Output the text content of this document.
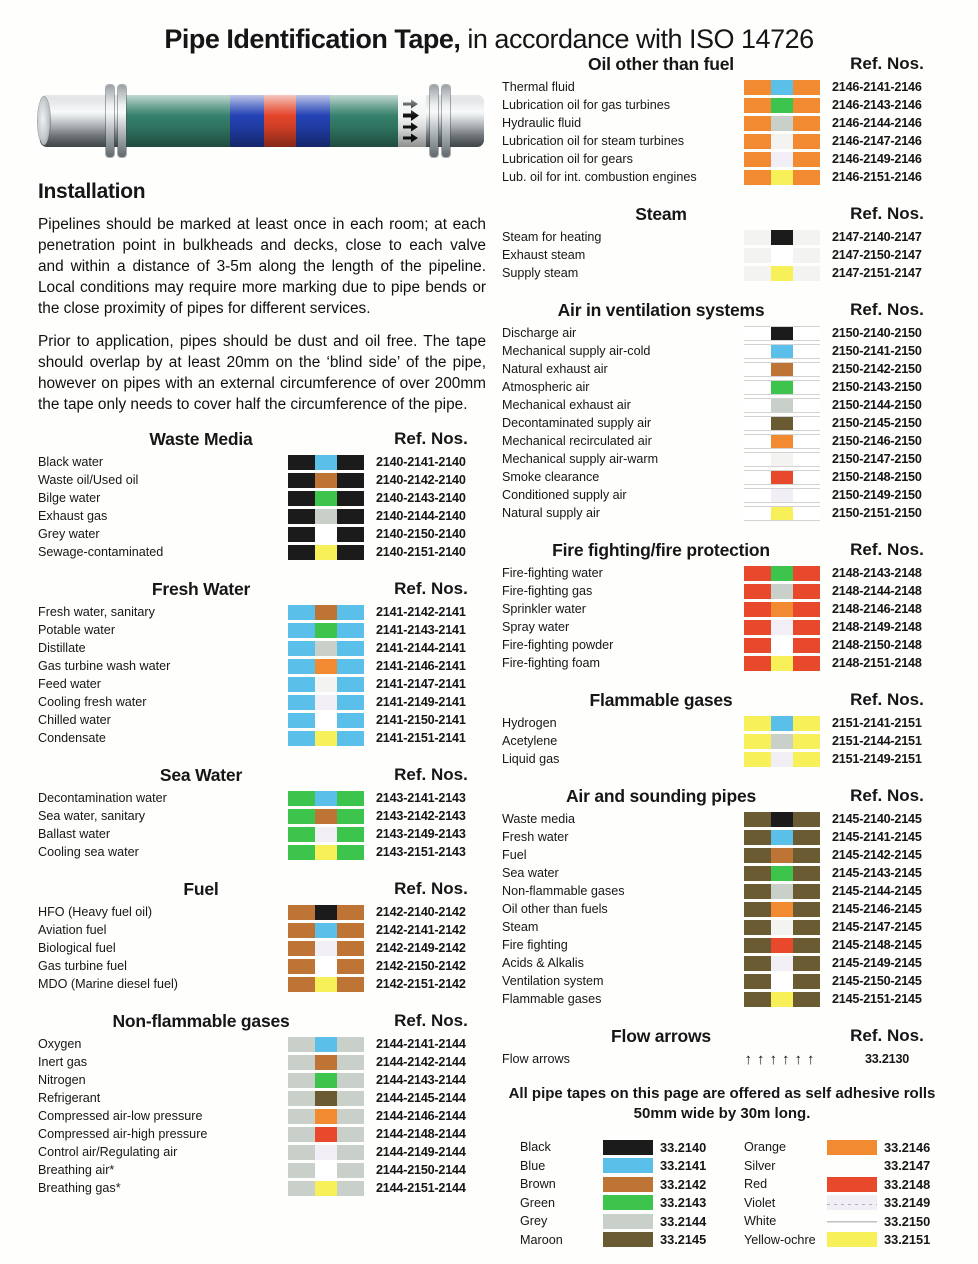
Pipe Identification Tape, in accordance with ISO 14726
Installation

Pipelines should be marked at least once in each room; at each penetration point in bulkheads and decks, close to each valve and within a distance of 3-5m along the length of the pipeline. Local conditions may require more marking due to pipe bends or the close proximity of pipes for different services.

Prior to application, pipes should be dust and oil free. The tape should overlap by at least 20mm on the ‘blind side’ of the pipe, however on pipes with an external circumference of over 200mm the tape only needs to cover half the circumference of the pipe.

Waste Media	Ref. Nos.
Black water	2140-2141-2140
Waste oil/Used oil	2140-2142-2140
Bilge water	2140-2143-2140
Exhaust gas	2140-2144-2140
Grey water	2140-2150-2140
Sewage-contaminated	2140-2151-2140
Fresh Water	Ref. Nos.
Fresh water, sanitary	2141-2142-2141
Potable water	2141-2143-2141
Distillate	2141-2144-2141
Gas turbine wash water	2141-2146-2141
Feed water	2141-2147-2141
Cooling fresh water	2141-2149-2141
Chilled water	2141-2150-2141
Condensate	2141-2151-2141
Sea Water	Ref. Nos.
Decontamination water	2143-2141-2143
Sea water, sanitary	2143-2142-2143
Ballast water	2143-2149-2143
Cooling sea water	2143-2151-2143
Fuel	Ref. Nos.
HFO (Heavy fuel oil)	2142-2140-2142
Aviation fuel	2142-2141-2142
Biological fuel	2142-2149-2142
Gas turbine fuel	2142-2150-2142
MDO (Marine diesel fuel)	2142-2151-2142
Non-flammable gases	Ref. Nos.
Oxygen	2144-2141-2144
Inert gas	2144-2142-2144
Nitrogen	2144-2143-2144
Refrigerant	2144-2145-2144
Compressed air-low pressure	2144-2146-2144
Compressed air-high pressure	2144-2148-2144
Control air/Regulating air	2144-2149-2144
Breathing air*	2144-2150-2144
Breathing gas*	2144-2151-2144
Oil other than fuel	Ref. Nos.
Thermal fluid	2146-2141-2146
Lubrication oil for gas turbines	2146-2143-2146
Hydraulic fluid	2146-2144-2146
Lubrication oil for steam turbines	2146-2147-2146
Lubrication oil for gears	2146-2149-2146
Lub. oil for int. combustion engines	2146-2151-2146
Steam	Ref. Nos.
Steam for heating	2147-2140-2147
Exhaust steam	2147-2150-2147
Supply steam	2147-2151-2147
Air in ventilation systems	Ref. Nos.
Discharge air	2150-2140-2150
Mechanical supply air-cold	2150-2141-2150
Natural exhaust air	2150-2142-2150
Atmospheric air	2150-2143-2150
Mechanical exhaust air	2150-2144-2150
Decontaminated supply air	2150-2145-2150
Mechanical recirculated air	2150-2146-2150
Mechanical supply air-warm	2150-2147-2150
Smoke clearance	2150-2148-2150
Conditioned supply air	2150-2149-2150
Natural supply air	2150-2151-2150
Fire fighting/fire protection	Ref. Nos.
Fire-fighting water	2148-2143-2148
Fire-fighting gas	2148-2144-2148
Sprinkler water	2148-2146-2148
Spray water	2148-2149-2148
Fire-fighting powder	2148-2150-2148
Fire-fighting foam	2148-2151-2148
Flammable gases	Ref. Nos.
Hydrogen	2151-2141-2151
Acetylene	2151-2144-2151
Liquid gas	2151-2149-2151
Air and sounding pipes	Ref. Nos.
Waste media	2145-2140-2145
Fresh water	2145-2141-2145
Fuel	2145-2142-2145
Sea water	2145-2143-2145
Non-flammable gases	2145-2144-2145
Oil other than fuels	2145-2146-2145
Steam	2145-2147-2145
Fire fighting	2145-2148-2145
Acids & Alkalis	2145-2149-2145
Ventilation system	2145-2150-2145
Flammable gases	2145-2151-2145
Flow arrows	Ref. Nos.
Flow arrows	↑↑↑↑↑↑	33.2130
All pipe tapes on this page are offered as self adhesive rolls 50mm wide by 30m long.
Black	33.2140
Blue	33.2141
Brown	33.2142
Green	33.2143
Grey	33.2144
Maroon	33.2145
Orange	33.2146
Silver	33.2147
Red	33.2148
Violet	33.2149
White	33.2150
Yellow-ochre	33.2151
